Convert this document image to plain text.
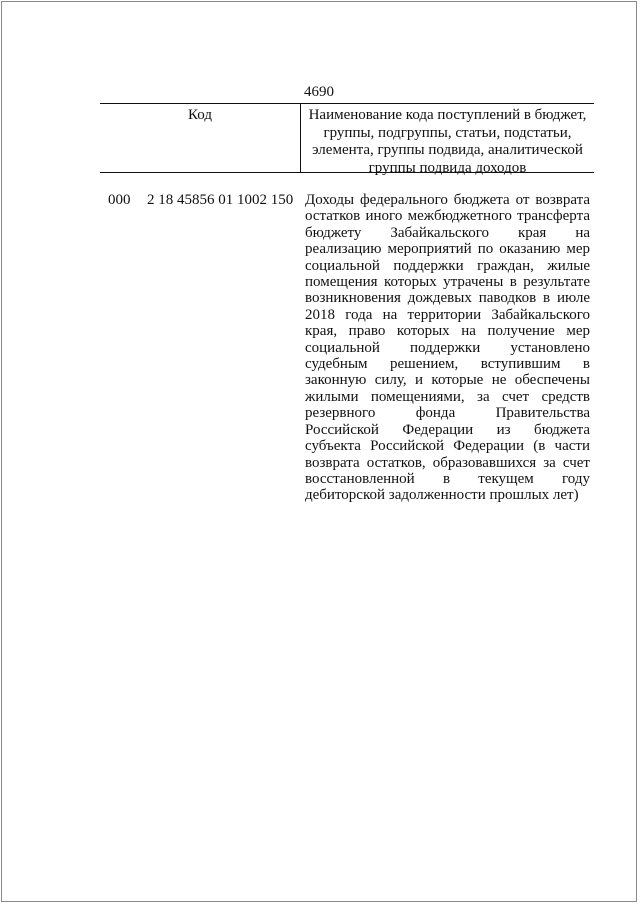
4690
Код	Наименование кода поступлений в бюджет, группы, подгруппы, статьи, подстатьи, элемента, группы подвида, аналитической группы подвида доходов
000 2 18 45856 01 1002 150 Доходы федерального бюджета от возврата остатков иного межбюджетного трансферта бюджету Забайкальского края на реализацию мероприятий по оказанию мер социальной поддержки граждан, жилые помещения которых утрачены в результате возникновения дождевых паводков в июле 2018 года на территории Забайкальского края, право которых на получение мер социальной поддержки установлено судебным решением, вступившим в законную силу, и которые не обеспечены жилыми помещениями, за счет средств резервного фонда Правительства Российской Федерации из бюджета субъекта Российской Федерации (в части возврата остатков, образовавшихся за счет восстановленной в текущем году дебиторской задолженности прошлых лет)
